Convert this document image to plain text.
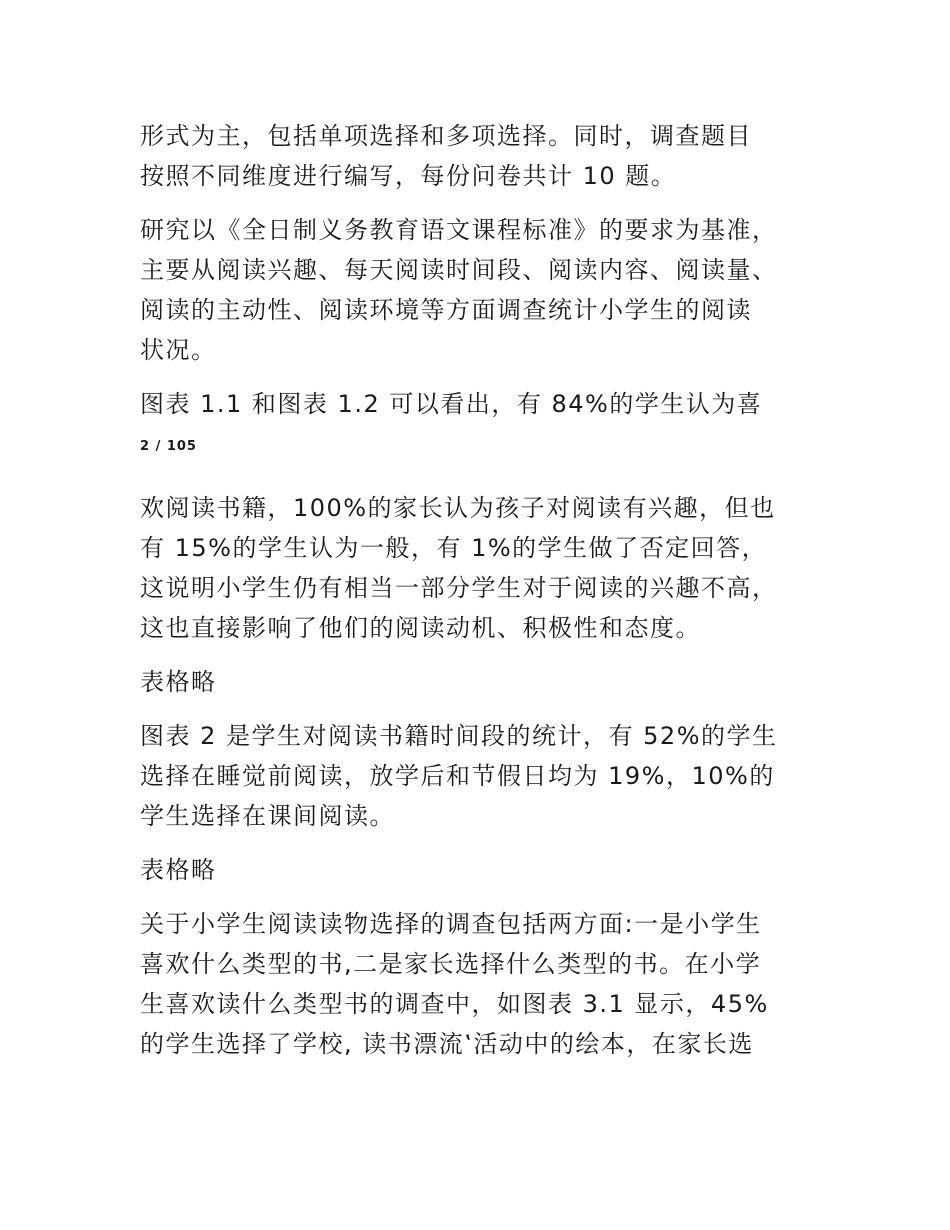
形式为主，包括单项选择和多项选择。同时，调查题目
按照不同维度进行编写，每份问卷共计 10 题。

研究以《全日制义务教育语文课程标准》的要求为基准，
主要从阅读兴趣、每天阅读时间段、阅读内容、阅读量、
阅读的主动性、阅读环境等方面调查统计小学生的阅读
状况。

图表 1.1 和图表 1.2 可以看出，有 84%的学生认为喜

2 / 105

欢阅读书籍，100%的家长认为孩子对阅读有兴趣，但也
有 15%的学生认为一般，有 1%的学生做了否定回答，
这说明小学生仍有相当一部分学生对于阅读的兴趣不高，
这也直接影响了他们的阅读动机、积极性和态度。

表格略

图表 2 是学生对阅读书籍时间段的统计，有 52%的学生
选择在睡觉前阅读，放学后和节假日均为 19%，10%的
学生选择在课间阅读。

表格略

关于小学生阅读读物选择的调查包括两方面:一是小学生
喜欢什么类型的书,二是家长选择什么类型的书。在小学
生喜欢读什么类型书的调查中，如图表 3.1 显示，45%
的学生选择了学校, 读书漂流‛活动中的绘本，在家长选
